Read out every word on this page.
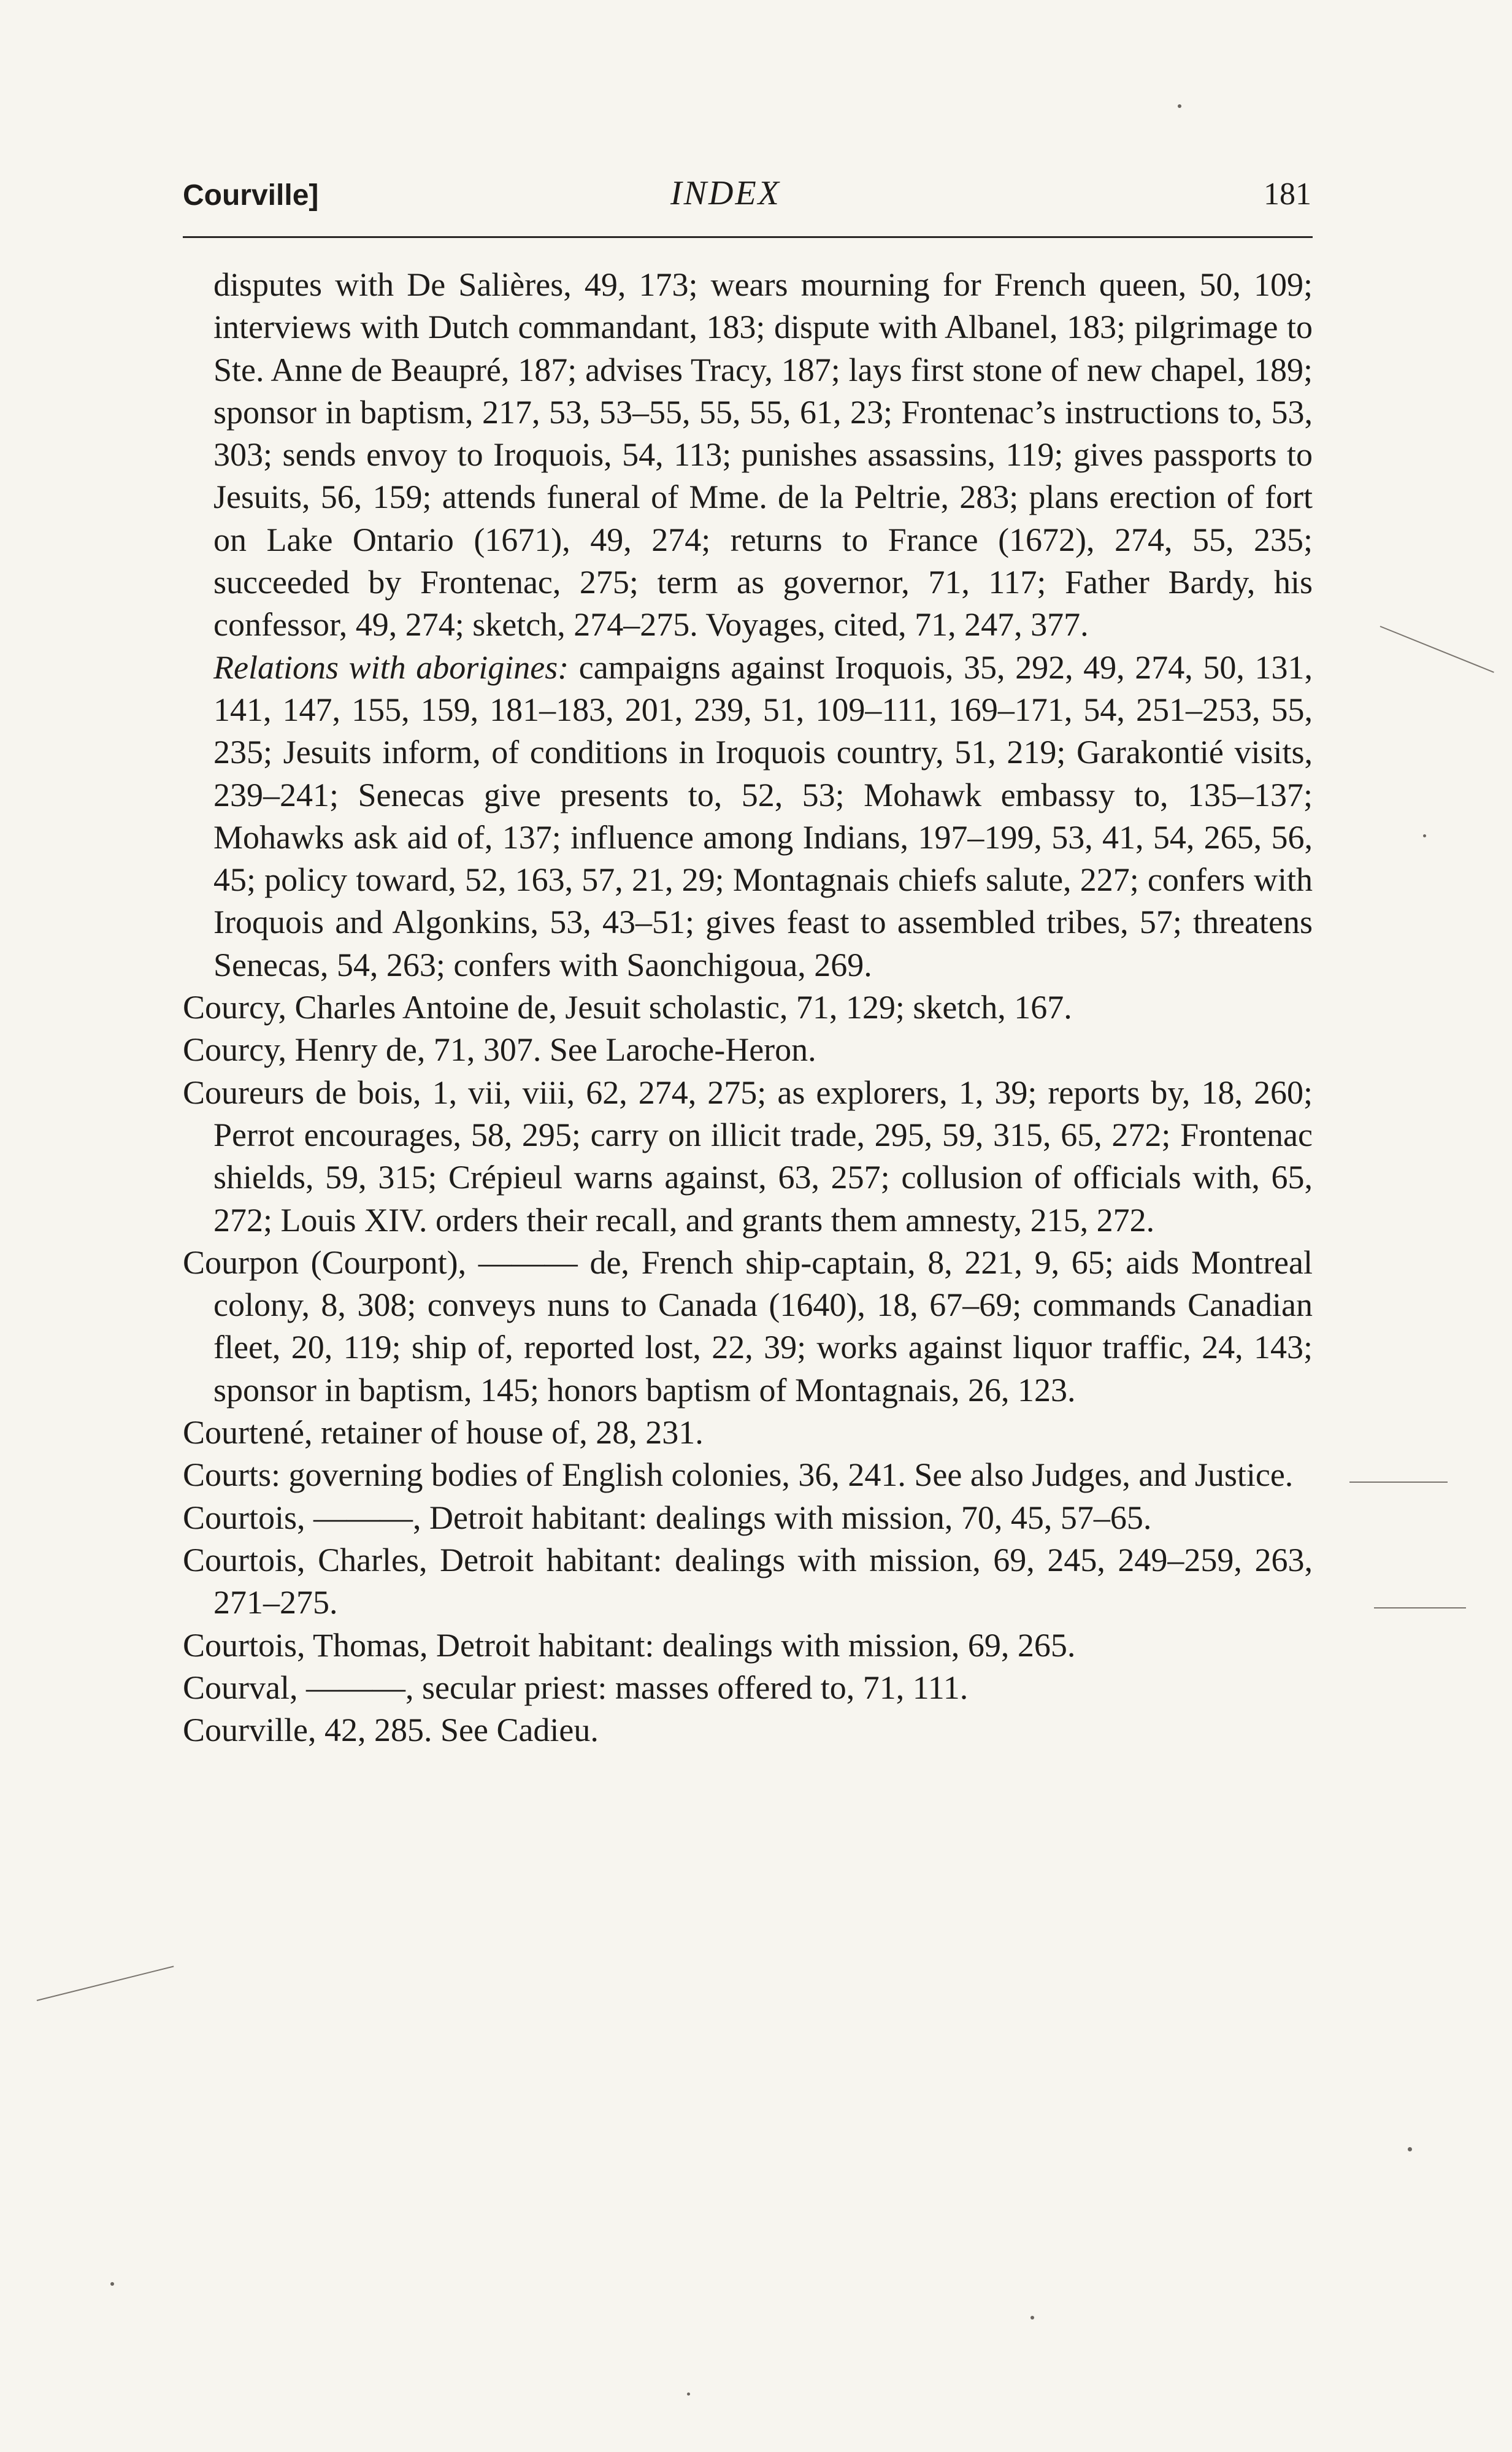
Courville]	INDEX	181

disputes with De Salières, 49, 173; wears mourning for French queen, 50, 109; interviews with Dutch commandant, 183; dispute with Albanel, 183; pilgrimage to Ste. Anne de Beaupré, 187; advises Tracy, 187; lays first stone of new chapel, 189; sponsor in baptism, 217, 53, 53–55, 55, 55, 61, 23; Frontenac’s instructions to, 53, 303; sends envoy to Iroquois, 54, 113; punishes assassins, 119; gives passports to Jesuits, 56, 159; attends funeral of Mme. de la Peltrie, 283; plans erection of fort on Lake Ontario (1671), 49, 274; returns to France (1672), 274, 55, 235; succeeded by Frontenac, 275; term as governor, 71, 117; Father Bardy, his confessor, 49, 274; sketch, 274–275. Voyages, cited, 71, 247, 377.

Relations with aborigines: campaigns against Iroquois, 35, 292, 49, 274, 50, 131, 141, 147, 155, 159, 181–183, 201, 239, 51, 109–111, 169–171, 54, 251–253, 55, 235; Jesuits inform, of conditions in Iroquois country, 51, 219; Garakontié visits, 239–241; Senecas give presents to, 52, 53; Mohawk embassy to, 135–137; Mohawks ask aid of, 137; influence among Indians, 197–199, 53, 41, 54, 265, 56, 45; policy toward, 52, 163, 57, 21, 29; Montagnais chiefs salute, 227; confers with Iroquois and Algonkins, 53, 43–51; gives feast to assembled tribes, 57; threatens Senecas, 54, 263; confers with Saonchigoua, 269.

Courcy, Charles Antoine de, Jesuit scholastic, 71, 129; sketch, 167.

Courcy, Henry de, 71, 307. See Laroche-Heron.

Coureurs de bois, 1, vii, viii, 62, 274, 275; as explorers, 1, 39; reports by, 18, 260; Perrot encourages, 58, 295; carry on illicit trade, 295, 59, 315, 65, 272; Frontenac shields, 59, 315; Crépieul warns against, 63, 257; collusion of officials with, 65, 272; Louis XIV. orders their recall, and grants them amnesty, 215, 272.

Courpon (Courpont), ——— de, French ship-captain, 8, 221, 9, 65; aids Montreal colony, 8, 308; conveys nuns to Canada (1640), 18, 67–69; commands Canadian fleet, 20, 119; ship of, reported lost, 22, 39; works against liquor traffic, 24, 143; sponsor in baptism, 145; honors baptism of Montagnais, 26, 123.

Courtené, retainer of house of, 28, 231.

Courts: governing bodies of English colonies, 36, 241. See also Judges, and Justice.

Courtois, ———, Detroit habitant: dealings with mission, 70, 45, 57–65.

Courtois, Charles, Detroit habitant: dealings with mission, 69, 245, 249–259, 263, 271–275.

Courtois, Thomas, Detroit habitant: dealings with mission, 69, 265.

Courval, ———, secular priest: masses offered to, 71, 111.

Courville, 42, 285. See Cadieu.
